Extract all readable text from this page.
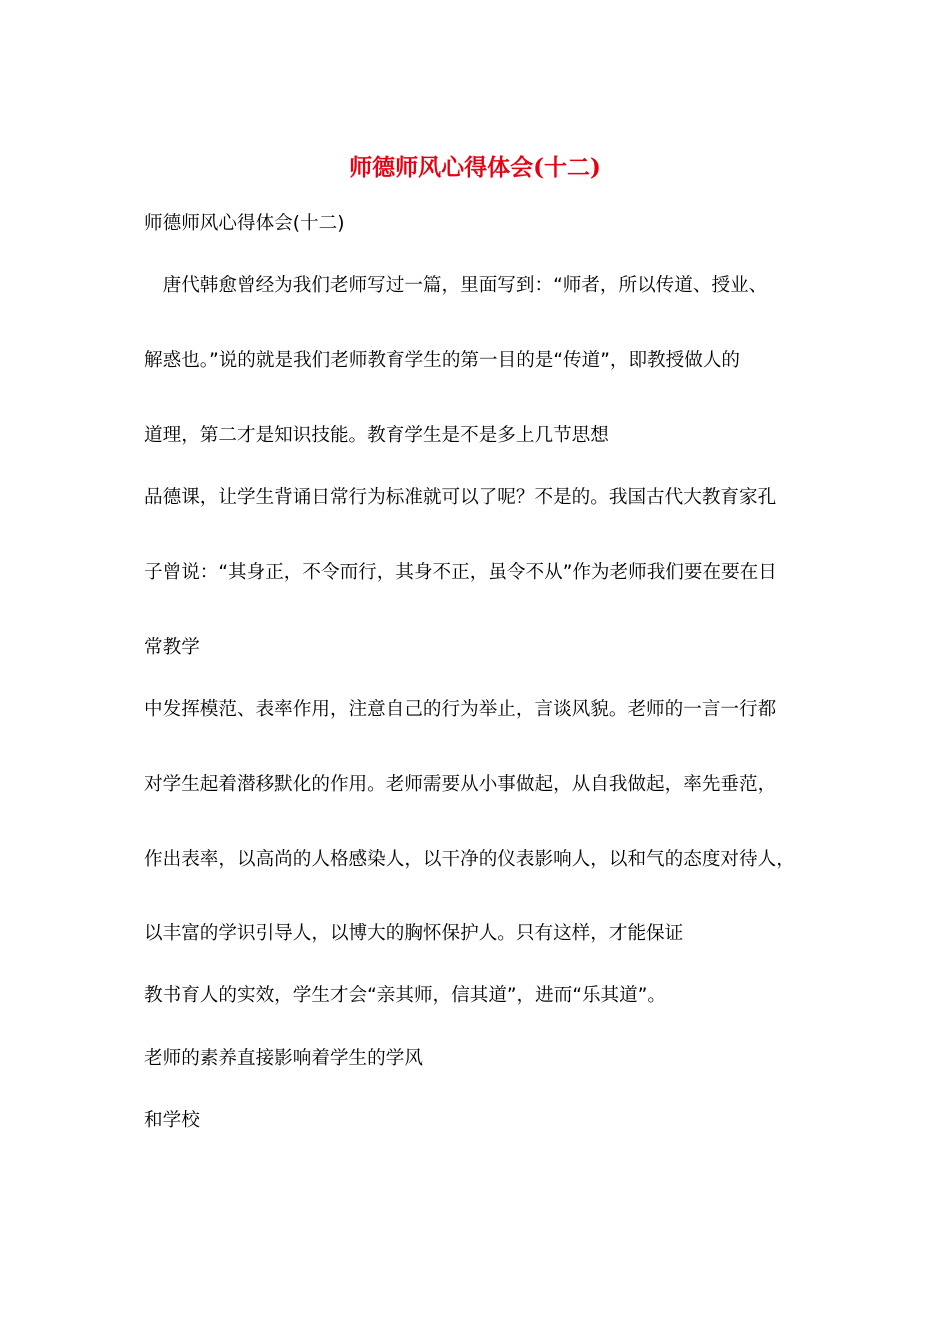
师德师风心得体会(十二)

师德师风心得体会(十二)

　唐代韩愈曾经为我们老师写过一篇，里面写到：“师者，所以传道、授业、

解惑也。”说的就是我们老师教育学生的第一目的是“传道”，即教授做人的

道理，第二才是知识技能。教育学生是不是多上几节思想

品德课，让学生背诵日常行为标准就可以了呢？不是的。我国古代大教育家孔

子曾说：“其身正，不令而行，其身不正，虽令不从”作为老师我们要在要在日

常教学

中发挥模范、表率作用，注意自己的行为举止，言谈风貌。老师的一言一行都

对学生起着潜移默化的作用。老师需要从小事做起，从自我做起，率先垂范，

作出表率，以高尚的人格感染人，以干净的仪表影响人，以和气的态度对待人，

以丰富的学识引导人，以博大的胸怀保护人。只有这样，才能保证

教书育人的实效，学生才会“亲其师，信其道”，进而“乐其道”。

老师的素养直接影响着学生的学风

和学校
